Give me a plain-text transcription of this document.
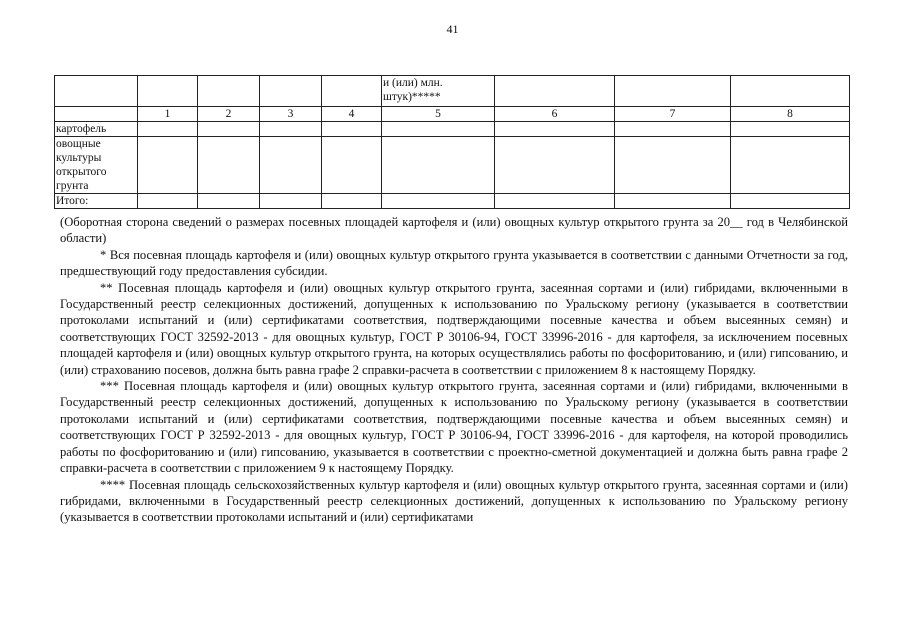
41
					и (или) млн. штук)*****			
	1	2	3	4	5	6	7	8
картофель								
овощные культуры открытого грунта								
Итого:								

(Оборотная сторона сведений о размерах посевных площадей картофеля и (или) овощных культур открытого грунта за 20__ год в Челябинской области)

* Вся посевная площадь картофеля и (или) овощных культур открытого грунта указывается в соответствии с данными Отчетности за год, предшествующий году предоставления субсидии.

** Посевная площадь картофеля и (или) овощных культур открытого грунта, засеянная сортами и (или) гибридами, включенными в Государственный реестр селекционных достижений, допущенных к использованию по Уральскому региону (указывается в соответствии протоколами испытаний и (или) сертификатами соответствия, подтверждающими посевные качества и объем высеянных семян) и соответствующих ГОСТ 32592-2013 - для овощных культур, ГОСТ Р 30106-94, ГОСТ 33996-2016 - для картофеля, за исключением посевных площадей картофеля и (или) овощных культур открытого грунта, на которых осуществлялись работы по фосфоритованию, и (или) гипсованию, и (или) страхованию посевов, должна быть равна графе 2 справки-расчета в соответствии с приложением 8 к настоящему Порядку.

*** Посевная площадь картофеля и (или) овощных культур открытого грунта, засеянная сортами и (или) гибридами, включенными в Государственный реестр селекционных достижений, допущенных к использованию по Уральскому региону (указывается в соответствии протоколами испытаний и (или) сертификатами соответствия, подтверждающими посевные качества и объем высеянных семян) и соответствующих ГОСТ Р 32592-2013 - для овощных культур, ГОСТ Р 30106-94, ГОСТ 33996-2016 - для картофеля, на которой проводились работы по фосфоритованию и (или) гипсованию, указывается в соответствии с проектно-сметной документацией и должна быть равна графе 2 справки-расчета в соответствии с приложением 9 к настоящему Порядку.

**** Посевная площадь сельскохозяйственных культур картофеля и (или) овощных культур открытого грунта, засеянная сортами и (или) гибридами, включенными в Государственный реестр селекционных достижений, допущенных к использованию по Уральскому региону (указывается в соответствии протоколами испытаний и (или) сертификатами
